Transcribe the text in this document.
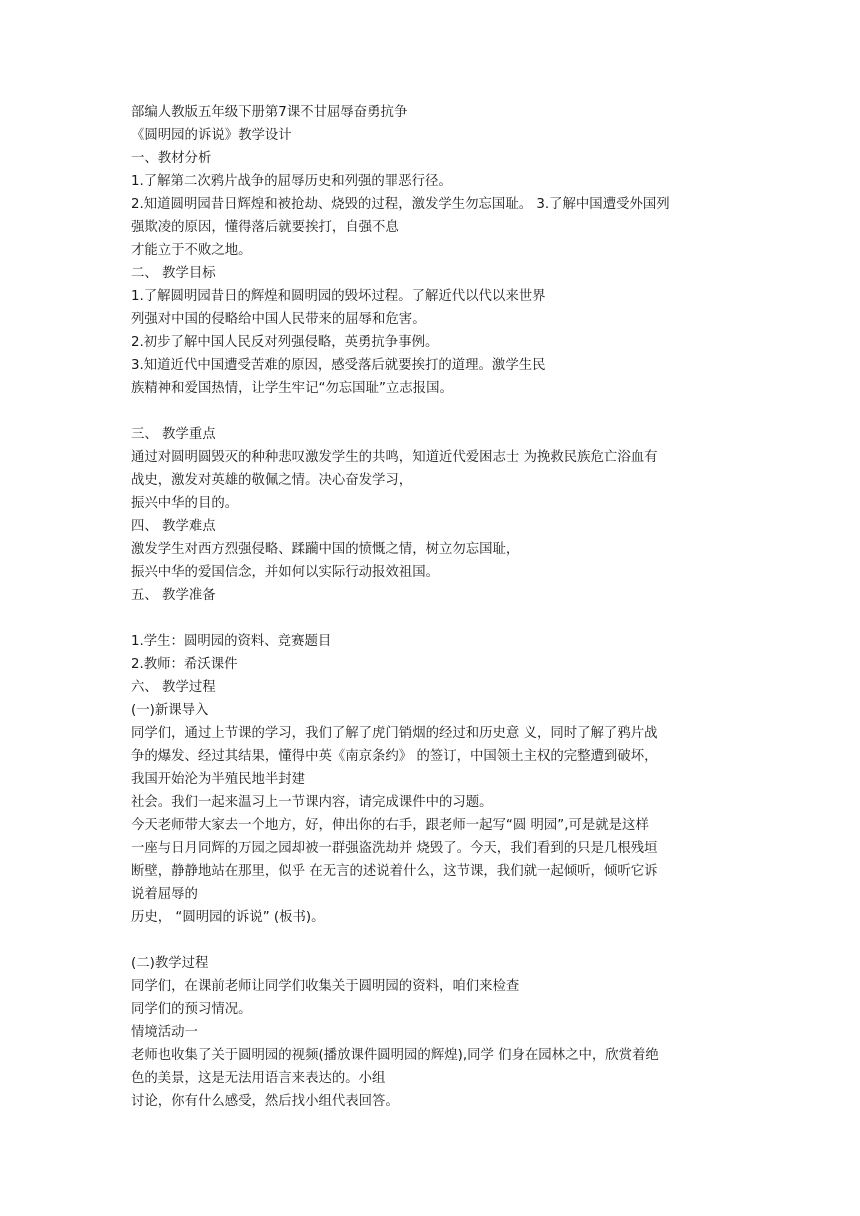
部编人教版五年级下册第7课不甘屈辱奋勇抗争
《圆明园的诉说》教学设计
一、教材分析
1.了解第二次鸦片战争的屈辱历史和列强的罪恶行径。
2.知道圆明园昔日辉煌和被抢劫、烧毁的过程，激发学生勿忘国耻。 3.了解中国遭受外国列
强欺凌的原因，懂得落后就要挨打，自强不息
才能立于不败之地。
二、 教学目标
1.了解圆明园昔日的辉煌和圆明园的毁坏过程。了解近代以代以来世界
列强对中国的侵略给中国人民带来的屈辱和危害。
2.初步了解中国人民反对列强侵略，英勇抗争事例。
3.知道近代中国遭受苦难的原因，感受落后就要挨打的道理。激学生民
族精神和爱国热情，让学生牢记“勿忘国耻”立志报国。
三、 教学重点
通过对圆明圆毁灭的种种悲叹激发学生的共鸣，知道近代爱困志士 为挽救民族危亡浴血有
战史，激发对英雄的敬佩之情。决心奋发学习，
振兴中华的目的。
四、 教学难点
激发学生对西方烈强侵略、蹂躏中国的愤慨之情，树立勿忘国耻，
振兴中华的爱国信念，并如何以实际行动报效祖国。
五、 教学准备
1.学生：圆明园的资料、竞赛题目
2.教师：希沃课件
六、 教学过程
(一)新课导入
同学们，通过上节课的学习，我们了解了虎门销烟的经过和历史意 义，同时了解了鸦片战
争的爆发、经过其结果，懂得中英《南京条约》 的签订，中国领土主权的完整遭到破坏，
我国开始沦为半殖民地半封建
社会。我们一起来温习上一节课内容，请完成课件中的习题。
今天老师带大家去一个地方，好，伸出你的右手，跟老师一起写“圆 明园”,可是就是这样
一座与日月同辉的万园之园却被一群强盗洗劫并 烧毁了。今天，我们看到的只是几根残垣
断壁，静静地站在那里，似乎 在无言的述说着什么，这节课，我们就一起倾听，倾听它诉
说着屈辱的
历史， “圆明园的诉说” (板书)。
(二)教学过程
同学们，在课前老师让同学们收集关于圆明园的资料，咱们来检查
同学们的预习情况。
情境活动一
老师也收集了关于圆明园的视频(播放课件圆明园的辉煌),同学 们身在园林之中，欣赏着绝
色的美景，这是无法用语言来表达的。小组
讨论，你有什么感受，然后找小组代表回答。
